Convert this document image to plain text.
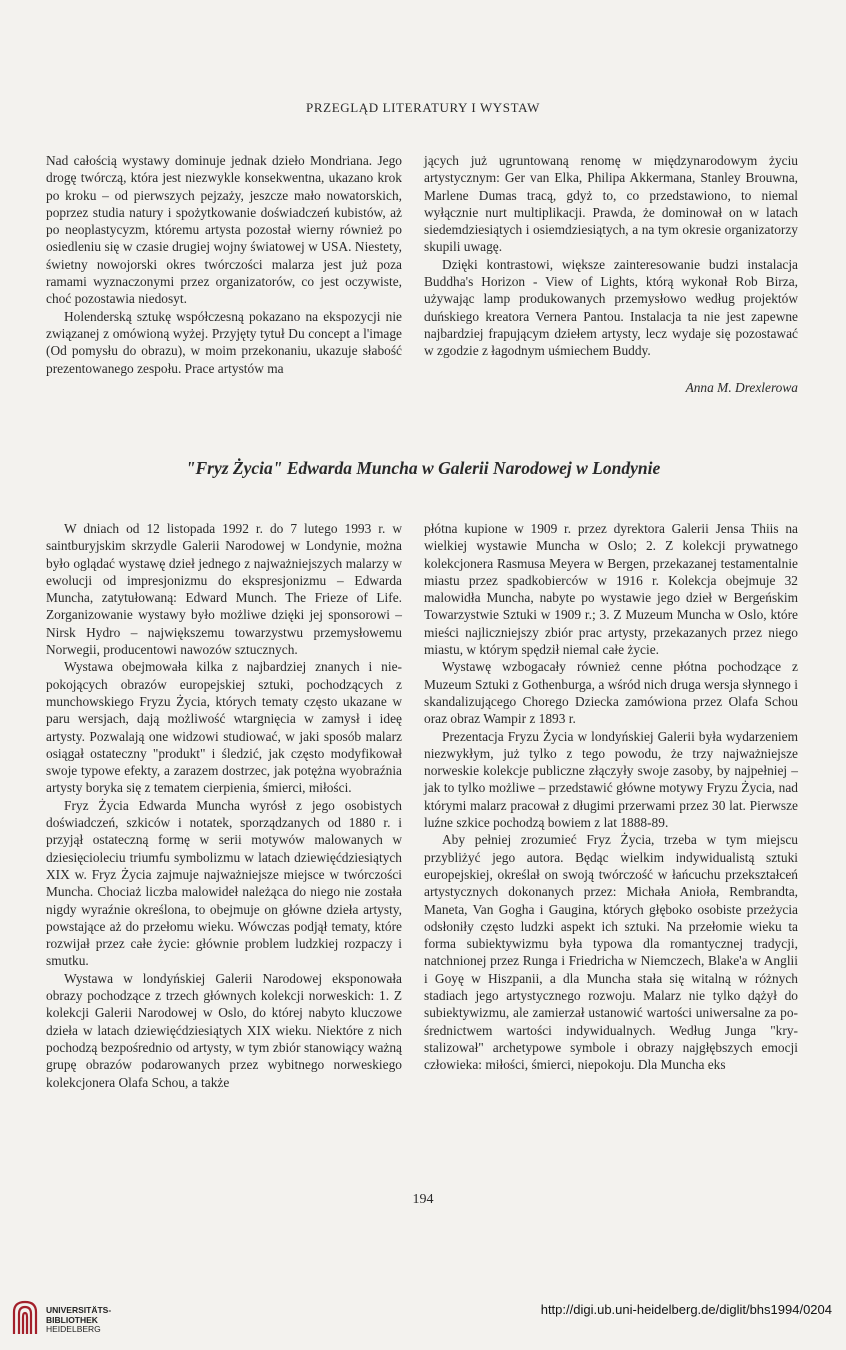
PRZEGLĄD LITERATURY I WYSTAW

Nad całością wystawy dominuje jednak dzieło Mondriana. Jego drogę twórczą, która jest niezwykle konsekwentna, ukazano krok po kroku – od pierwszych pejzaży, jeszcze mało nowatorskich, poprzez studia natury i spożytkowanie doświadczeń kubistów, aż po neoplastycyzm, któremu artysta pozostał wierny również po osiedleniu się w czasie drugiej wojny światowej w USA. Niestety, świetny nowojorski okres twórczości malarza jest już poza ramami wyznaczonymi przez organizatorów, co jest oczywiste, choć pozostawia niedosyt.

Holenderską sztukę współczesną pokazano na ekspozycji nie związanej z omówioną wyżej. Przyjęty tytuł Du concept a l'image (Od pomysłu do obrazu), w moim przekonaniu, ukazuje słabość prezentowanego zespołu. Prace artystów ma

jących już ugruntowaną renomę w międzynarodowym życiu artystycznym: Ger van Elka, Philipa Akkermana, Stanley Brouwna, Marlene Dumas tracą, gdyż to, co przedstawiono, to niemal wyłącznie nurt multiplikacji. Prawda, że dominował on w latach siedemdziesiątych i osiemdziesiątych, a na tym okresie organizatorzy skupili uwagę.

Dzięki kontrastowi, większe zainteresowanie budzi instalacja Buddha's Horizon - View of Lights, którą wykonał Rob Birza, używając lamp produkowanych przemysłowo według projektów duńskiego kreatora Vernera Pantou. Instalacja ta nie jest zapewne najbardziej frapującym dziełem artysty, lecz wydaje się pozostawać w zgodzie z łagodnym uśmiechem Buddy.

Anna M. Drexlerowa
"Fryz Życia" Edwarda Muncha w Galerii Narodowej w Londynie

W dniach od 12 listopada 1992 r. do 7 lutego 1993 r. w saintburyjskim skrzydle Galerii Narodowej w Londynie, można było oglądać wystawę dzieł jednego z najważniejszych malarzy w ewolucji od impresjonizmu do ekspresjonizmu – Edwarda Muncha, zatytułowaną: Edward Munch. The Frieze of Life. Zorganizowanie wystawy było możliwe dzięki jej sponsorowi – Nirsk Hydro – największemu towarzystwu przemysłowemu Norwegii, producentowi nawozów sztucznych.

Wystawa obejmowała kilka z najbardziej znanych i niepokojących obrazów europejskiej sztuki, pochodzących z munchowskiego Fryzu Życia, których tematy często ukazane w paru wersjach, dają możliwość wtargnięcia w zamysł i ideę artysty. Pozwalają one widzowi studiować, w jaki sposób malarz osiągał ostateczny "produkt" i śledzić, jak często modyfikował swoje typowe efekty, a zarazem dostrzec, jak potężna wyobraźnia artysty boryka się z tematem cierpienia, śmierci, miłości.

Fryz Życia Edwarda Muncha wyrósł z jego osobistych doświadczeń, szkiców i notatek, sporządzanych od 1880 r. i przyjął ostateczną formę w serii motywów malowanych w dziesięcioleciu triumfu symbolizmu w latach dziewięćdziesiątych XIX w. Fryz Życia zajmuje najważniejsze miejsce w twórczości Muncha. Chociaż liczba malowideł należąca do niego nie została nigdy wyraźnie określona, to obejmuje on główne dzieła artysty, powstające aż do przełomu wieku. Wówczas podjął tematy, które rozwijał przez całe życie: głównie problem ludzkiej rozpaczy i smutku.

Wystawa w londyńskiej Galerii Narodowej eksponowała obrazy pochodzące z trzech głównych kolekcji norweskich: 1. Z kolekcji Galerii Narodowej w Oslo, do której nabyto kluczowe dzieła w latach dziewięćdziesiątych XIX wieku. Niektóre z nich pochodzą bezpośrednio od artysty, w tym zbiór stanowiący ważną grupę obrazów podarowanych przez wybitnego norweskiego kolekcjonera Olafa Schou, a także

płótna kupione w 1909 r. przez dyrektora Galerii Jensa Thiis na wielkiej wystawie Muncha w Oslo; 2. Z kolekcji prywatnego kolekcjonera Rasmusa Meyera w Bergen, przekazanej testamentalnie miastu przez spadkobierców w 1916 r. Kolekcja obejmuje 32 malowidła Muncha, nabyte po wystawie jego dzieł w Bergeńskim Towarzystwie Sztuki w 1909 r.; 3. Z Muzeum Muncha w Oslo, które mieści najliczniejszy zbiór prac artysty, przekazanych przez niego miastu, w którym spędził niemal całe życie.

Wystawę wzbogacały również cenne płótna pochodzące z Muzeum Sztuki z Gothenburga, a wśród nich druga wersja słynnego i skandalizującego Chorego Dziecka zamówiona przez Olafa Schou oraz obraz Wampir z 1893 r.

Prezentacja Fryzu Życia w londyńskiej Galerii była wydarzeniem niezwykłym, już tylko z tego powodu, że trzy najważniejsze norweskie kolekcje publiczne złączyły swoje zasoby, by najpełniej – jak to tylko możliwe – przedstawić główne motywy Fryzu Życia, nad którymi malarz pracował z długimi przerwami przez 30 lat. Pierwsze luźne szkice pochodzą bowiem z lat 1888-89.

Aby pełniej zrozumieć Fryz Życia, trzeba w tym miejscu przybliżyć jego autora. Będąc wielkim indywidualistą sztuki europejskiej, określał on swoją twórczość w łańcuchu przekształceń artystycznych dokonanych przez: Michała Anioła, Rembrandta, Maneta, Van Gogha i Gaugina, których głęboko osobiste przeżycia odsłoniły często ludzki aspekt ich sztuki. Na przełomie wieku ta forma subiektywizmu była typowa dla romantycznej tradycji, natchnionej przez Runga i Friedricha w Niemczech, Blake'a w Anglii i Goyę w Hiszpanii, a dla Muncha stała się witalną w różnych stadiach jego artystycznego rozwoju. Malarz nie tylko dążył do subiektywizmu, ale zamierzał ustanowić wartości uniwersalne za pośrednictwem wartości indywidualnych. Według Junga "krystalizował" archetypowe symbole i obrazy najgłębszych emocji człowieka: miłości, śmierci, niepokoju. Dla Muncha eks

194
UNIVERSITÄTS-
BIBLIOTHEK
HEIDELBERG
http://digi.ub.uni-heidelberg.de/diglit/bhs1994/0204
